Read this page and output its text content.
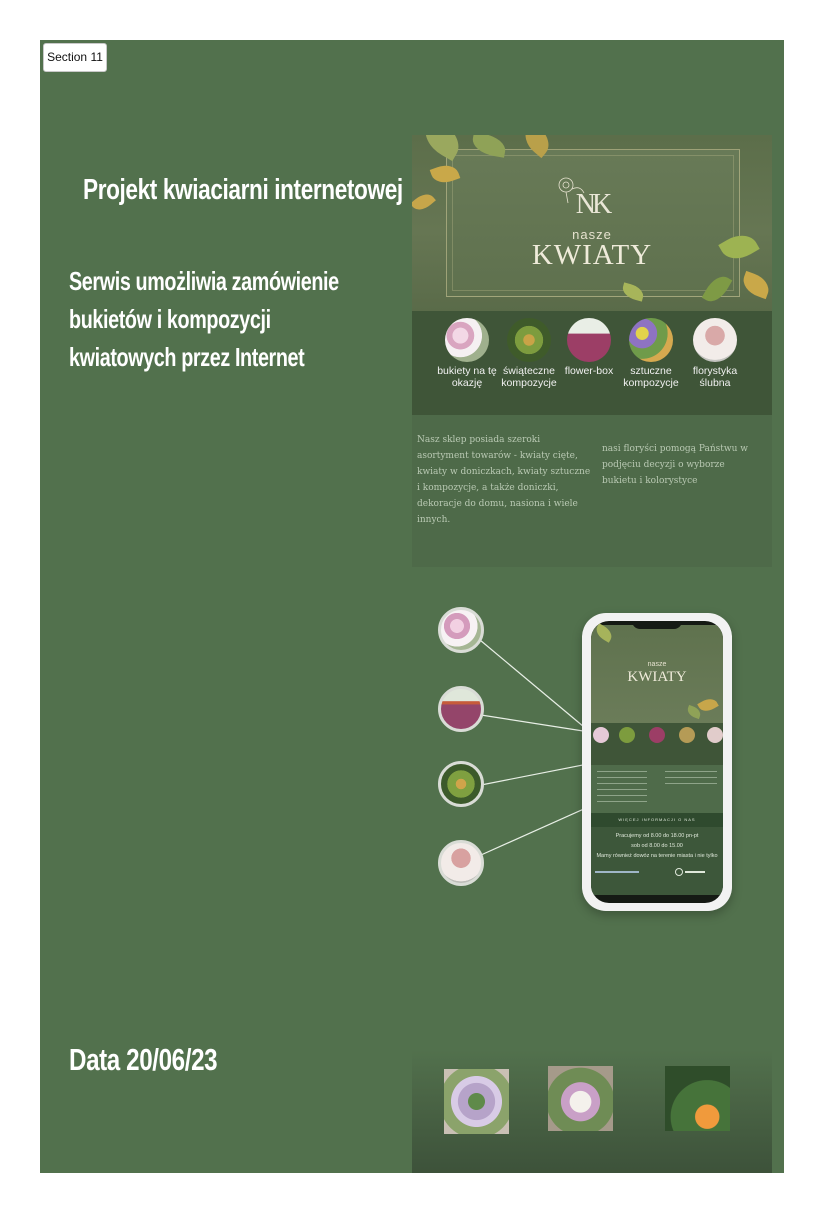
Section 11
Projekt kwiaciarni internetowej
Serwis umożliwia zamówienie bukietów i kompozycji kwiatowych przez Internet
Data 20/06/23
NK
nasze
KWIATY
bukiety na tę okazję
świąteczne kompozycje
flower-box	sztuczne kompozycje
florystyka ślubna
Nasz sklep posiada szeroki asortyment towarów - kwiaty cięte, kwiaty w doniczkach, kwiaty sztuczne i kompozycje, a także doniczki, dekoracje do domu, nasiona i wiele innych.
nasi floryści pomogą Państwu w podjęciu decyzji o wyborze bukietu i kolorystyce
nasze
KWIATY
WIĘCEJ INFORMACJI O NAS
Pracujemy od 8.00 do 18.00 pn-pt
sob od 8.00 do 15.00
Mamy również dowóz na terenie miasta i nie tylko
